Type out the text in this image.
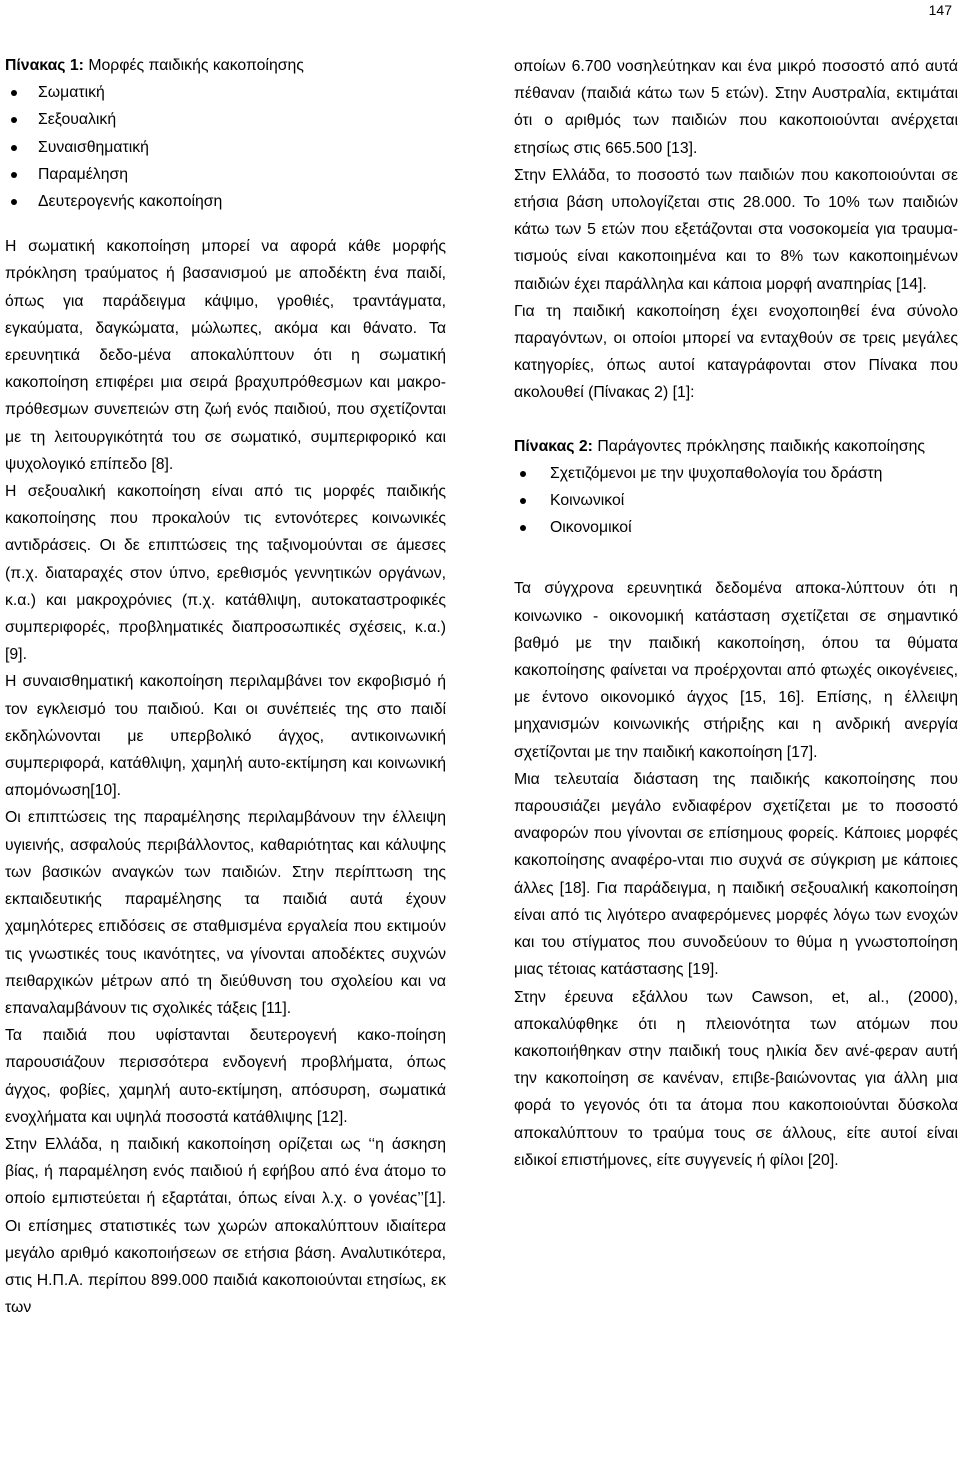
147
Πίνακας 1: Μορφές παιδικής κακοποίησης
Σωματική
Σεξουαλική
Συναισθηματική
Παραμέληση
Δευτερογενής κακοποίηση

Η σωματική κακοποίηση μπορεί να αφορά κάθε μορφής πρόκληση τραύματος ή βασανισμού με αποδέκτη ένα παιδί, όπως για παράδειγμα κάψιμο, γροθιές, τραντάγματα, εγκαύματα, δαγκώματα, μώλωπες, ακόμα και θάνατο. Τα ερευνητικά δεδο-μένα αποκαλύπτουν ότι η σωματική κακοποίηση επιφέρει μια σειρά βραχυπρόθεσμων και μακρο-πρόθεσμων συνεπειών στη ζωή ενός παιδιού, που σχετίζονται με τη λειτουργικότητά του σε σωματικό, συμπεριφορικό και ψυχολογικό επίπεδο [8].

Η σεξουαλική κακοποίηση είναι από τις μορφές παιδικής κακοποίησης που προκαλούν τις εντονότερες κοινωνικές αντιδράσεις. Οι δε επιπτώσεις της ταξινομούνται σε άμεσες (π.χ. διαταραχές στον ύπνο, ερεθισμός γεννητικών οργάνων, κ.α.) και μακροχρόνιες (π.χ. κατάθλιψη, αυτοκαταστροφικές συμπεριφορές, προβληματικές διαπροσωπικές σχέσεις, κ.α.)[9].

Η συναισθηματική κακοποίηση περιλαμβάνει τον εκφοβισμό ή τον εγκλεισμό του παιδιού. Και οι συνέπειές της στο παιδί εκδηλώνονται με υπερβολικό άγχος, αντικοινωνική συμπεριφορά, κατάθλιψη, χαμηλή αυτο-εκτίμηση και κοινωνική απομόνωση[10].

Οι επιπτώσεις της παραμέλησης περιλαμβάνουν την έλλειψη υγιεινής, ασφαλούς περιβάλλοντος, καθαριότητας και κάλυψης των βασικών αναγκών των παιδιών. Στην περίπτωση της εκπαιδευτικής παραμέλησης τα παιδιά αυτά έχουν χαμηλότερες επιδόσεις σε σταθμισμένα εργαλεία που εκτιμούν τις γνωστικές τους ικανότητες, να γίνονται αποδέκτες συχνών πειθαρχικών μέτρων από τη διεύθυνση του σχολείου και να επαναλαμβάνουν τις σχολικές τάξεις [11].

Τα παιδιά που υφίστανται δευτερογενή κακο-ποίηση παρουσιάζουν περισσότερα ενδογενή προβλήματα, όπως άγχος, φοβίες, χαμηλή αυτο-εκτίμηση, απόσυρση, σωματικά ενοχλήματα και υψηλά ποσοστά κατάθλιψης [12].

Στην Ελλάδα, η παιδική κακοποίηση ορίζεται ως ‘‘η άσκηση βίας, ή παραμέληση ενός παιδιού ή εφήβου από ένα άτομο το οποίο εμπιστεύεται ή εξαρτάται, όπως είναι λ.χ. ο γονέας’’[1]. Οι επίσημες στατιστικές των χωρών αποκαλύπτουν ιδιαίτερα μεγάλο αριθμό κακοποιήσεων σε ετήσια βάση. Αναλυτικότερα, στις Η.Π.Α. περίπου 899.000 παιδιά κακοποιούνται ετησίως, εκ των

οποίων 6.700 νοσηλεύτηκαν και ένα μικρό ποσοστό από αυτά πέθαναν (παιδιά κάτω των 5 ετών). Στην Αυστραλία, εκτιμάται ότι ο αριθμός των παιδιών που κακοποιούνται ανέρχεται ετησίως στις 665.500 [13].

Στην Ελλάδα, το ποσοστό των παιδιών που κακοποιούνται σε ετήσια βάση υπολογίζεται στις 28.000. Το 10% των παιδιών κάτω των 5 ετών που εξετάζονται στα νοσοκομεία για τραυμα- τισμούς είναι κακοποιημένα και το 8% των κακοποιημένων παιδιών έχει παράλληλα και κάποια μορφή αναπηρίας [14].

Για τη παιδική κακοποίηση έχει ενοχοποιηθεί ένα σύνολο παραγόντων, οι οποίοι μπορεί να ενταχθούν σε τρεις μεγάλες κατηγορίες, όπως αυτοί καταγράφονται στον Πίνακα που ακολουθεί (Πίνακας 2) [1]:

Πίνακας 2: Παράγοντες πρόκλησης παιδικής κακοποίησης
Σχετιζόμενοι με την ψυχοπαθολογία του δράστη
Κοινωνικοί
Οικονομικοί

Τα σύγχρονα ερευνητικά δεδομένα αποκα-λύπτουν ότι η κοινωνικο - οικονομική κατάσταση σχετίζεται σε σημαντικό βαθμό με την παιδική κακοποίηση, όπου τα θύματα κακοποίησης φαίνεται να προέρχονται από φτωχές οικογένειες, με έντονο οικονομικό άγχος [15, 16]. Επίσης, η έλλειψη μηχανισμών κοινωνικής στήριξης και η ανδρική ανεργία σχετίζονται με την παιδική κακοποίηση [17].

Μια τελευταία διάσταση της παιδικής κακοποίησης που παρουσιάζει μεγάλο ενδιαφέρον σχετίζεται με το ποσοστό αναφορών που γίνονται σε επίσημους φορείς. Κάποιες μορφές κακοποίησης αναφέρο-νται πιο συχνά σε σύγκριση με κάποιες άλλες [18]. Για παράδειγμα, η παιδική σεξουαλική κακοποίηση είναι από τις λιγότερο αναφερόμενες μορφές λόγω των ενοχών και του στίγματος που συνοδεύουν το θύμα η γνωστοποίηση μιας τέτοιας κατάστασης [19].

Στην έρευνα εξάλλου των Cawson, et, al., (2000), αποκαλύφθηκε ότι η πλειονότητα των ατόμων που κακοποιήθηκαν στην παιδική τους ηλικία δεν ανέ-φεραν αυτή την κακοποίηση σε κανέναν, επιβε-βαιώνοντας για άλλη μια φορά το γεγονός ότι τα άτομα που κακοποιούνται δύσκολα αποκαλύπτουν το τραύμα τους σε άλλους, είτε αυτοί είναι ειδικοί επιστήμονες, είτε συγγενείς ή φίλοι [20].
